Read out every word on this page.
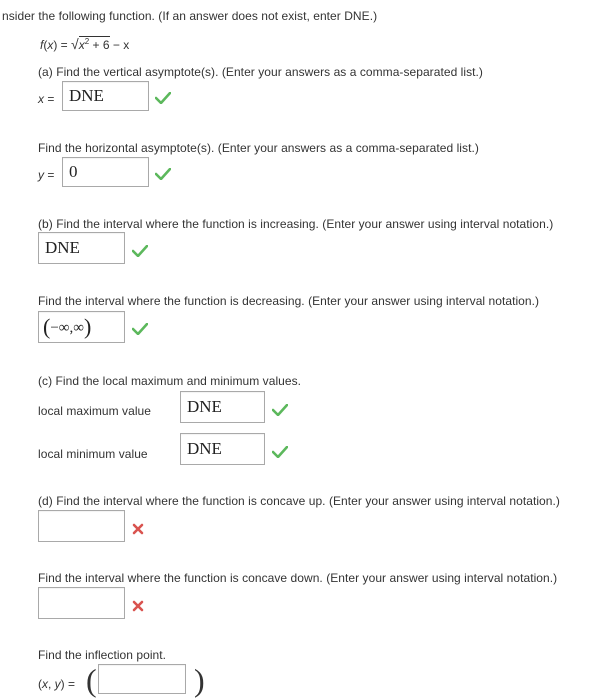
nsider the following function. (If an answer does not exist, enter DNE.)
$f(x) = √x^2 + 6 - x$
(a) Find the vertical asymptote(s). (Enter your answers as a comma-separated list.)
x = DNE
Find the horizontal asymptote(s). (Enter your answers as a comma-separated list.)
y = 0
(b) Find the interval where the function is increasing. (Enter your answer using interval notation.)
DNE
Find the interval where the function is decreasing. (Enter your answer using interval notation.)
(−∞,∞)
(c) Find the local maximum and minimum values.
local maximum value	DNE
local minimum value	DNE
(d) Find the interval where the function is concave up. (Enter your answer using interval notation.)
Find the interval where the function is concave down. (Enter your answer using interval notation.)
Find the inflection point.
(x, y) = (	)
